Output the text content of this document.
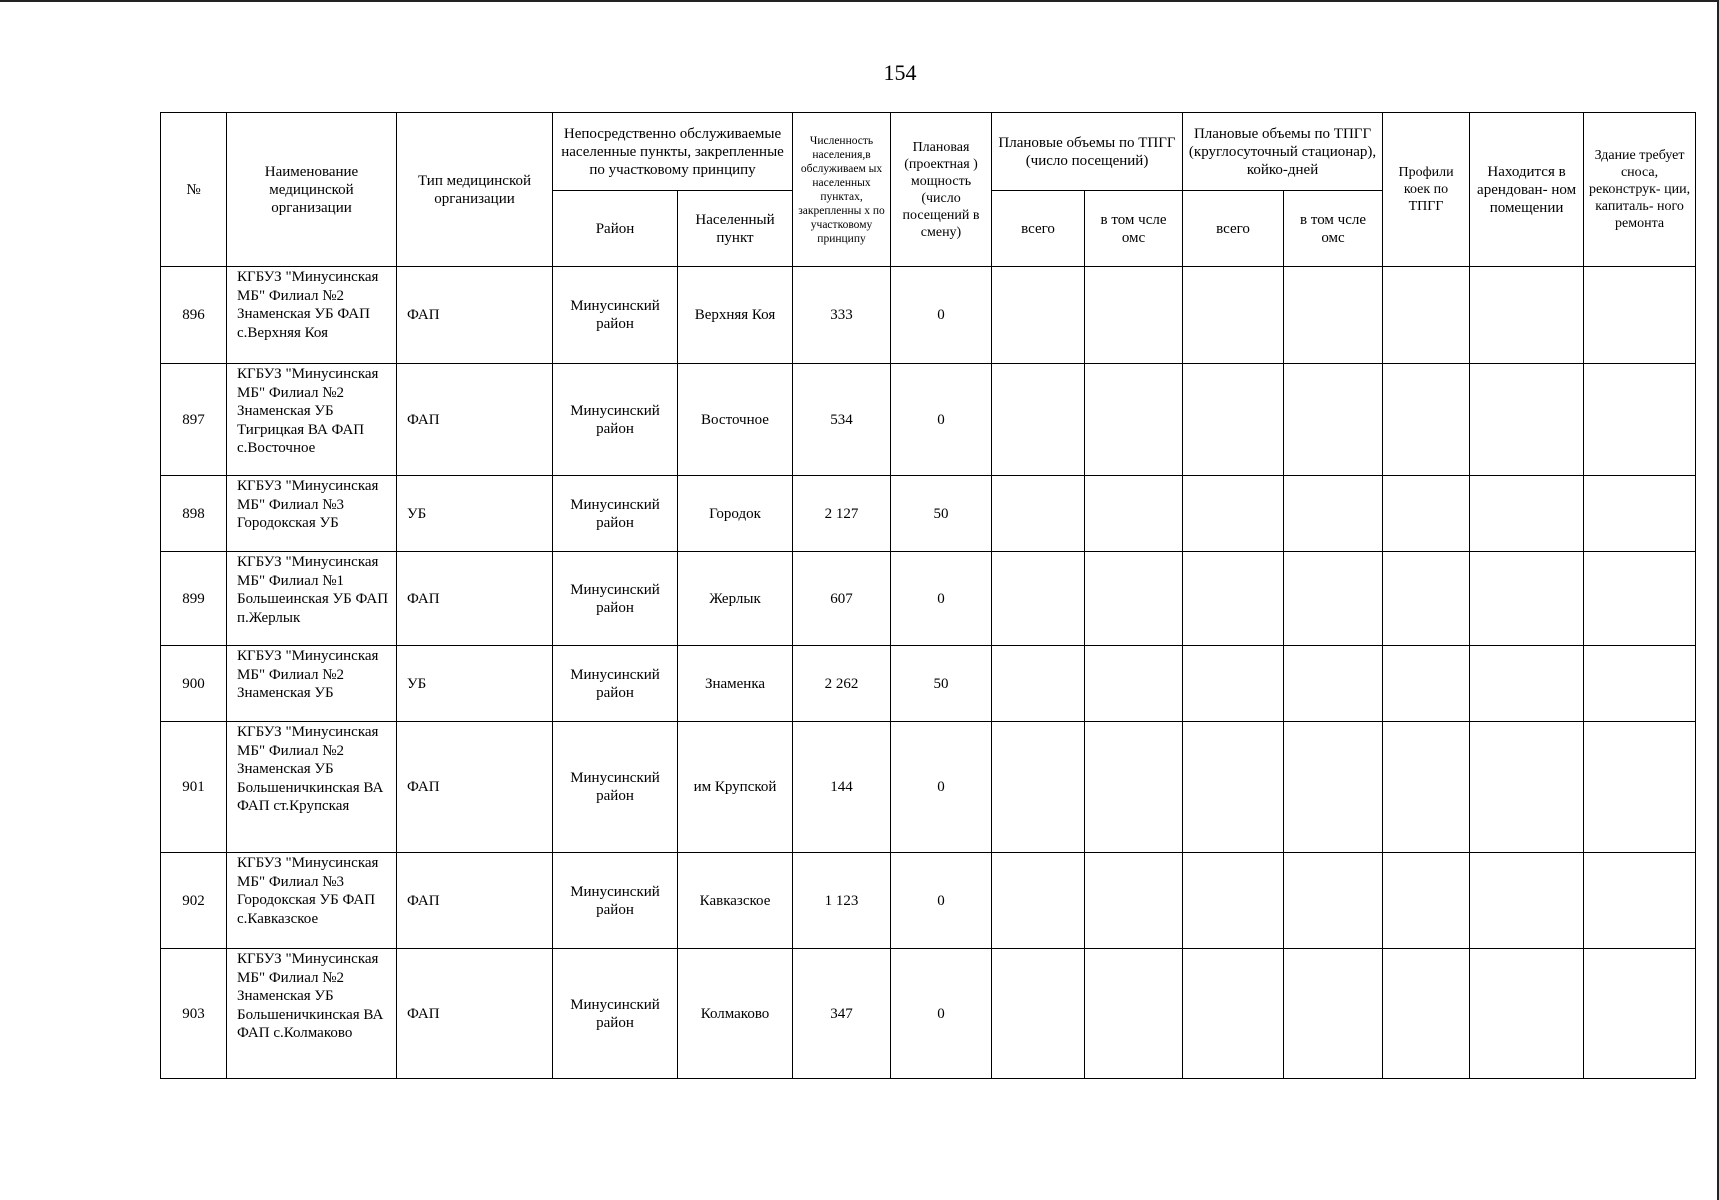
154
№	Наименование медицинской организации	Тип медицинской организации	Непосредственно обслуживаемые населенные пункты, закрепленные по участковому принципу		Численность населения,в обслуживаем ых населенных пунктах, закрепленны х по участковому принципу	Плановая (проектная ) мощность (число посещений в смену)	Плановые объемы по ТПГГ (число посещений)		Плановые объемы по ТПГГ (круглосуточный стационар), койко-дней		Профили коек по ТПГГ	Находится в арендован- ном помещении	Здание требует сноса, реконструк- ции, капиталь- ного ремонта
			Район	Населенный пункт			всего	в том чсле омс	всего	в том чсле омс			
896	КГБУЗ "Минусинская МБ" Филиал №2 Знаменская УБ ФАП с.Верхняя Коя	ФАП	Минусинский район	Верхняя Коя	333	0							
897	КГБУЗ "Минусинская МБ" Филиал №2 Знаменская УБ Тигрицкая ВА ФАП с.Восточное	ФАП	Минусинский район	Восточное	534	0							
898	КГБУЗ "Минусинская МБ" Филиал №3 Городокская УБ	УБ	Минусинский район	Городок	2 127	50							
899	КГБУЗ "Минусинская МБ" Филиал №1 Большеинская УБ ФАП п.Жерлык	ФАП	Минусинский район	Жерлык	607	0							
900	КГБУЗ "Минусинская МБ" Филиал №2 Знаменская УБ	УБ	Минусинский район	Знаменка	2 262	50							
901	КГБУЗ "Минусинская МБ" Филиал №2 Знаменская УБ Большеничкинская ВА ФАП ст.Крупская	ФАП	Минусинский район	им Крупской	144	0							
902	КГБУЗ "Минусинская МБ" Филиал №3 Городокская УБ ФАП с.Кавказское	ФАП	Минусинский район	Кавказское	1 123	0							
903	КГБУЗ "Минусинская МБ" Филиал №2 Знаменская УБ Большеничкинская ВА ФАП с.Колмаково	ФАП	Минусинский район	Колмаково	347	0							
